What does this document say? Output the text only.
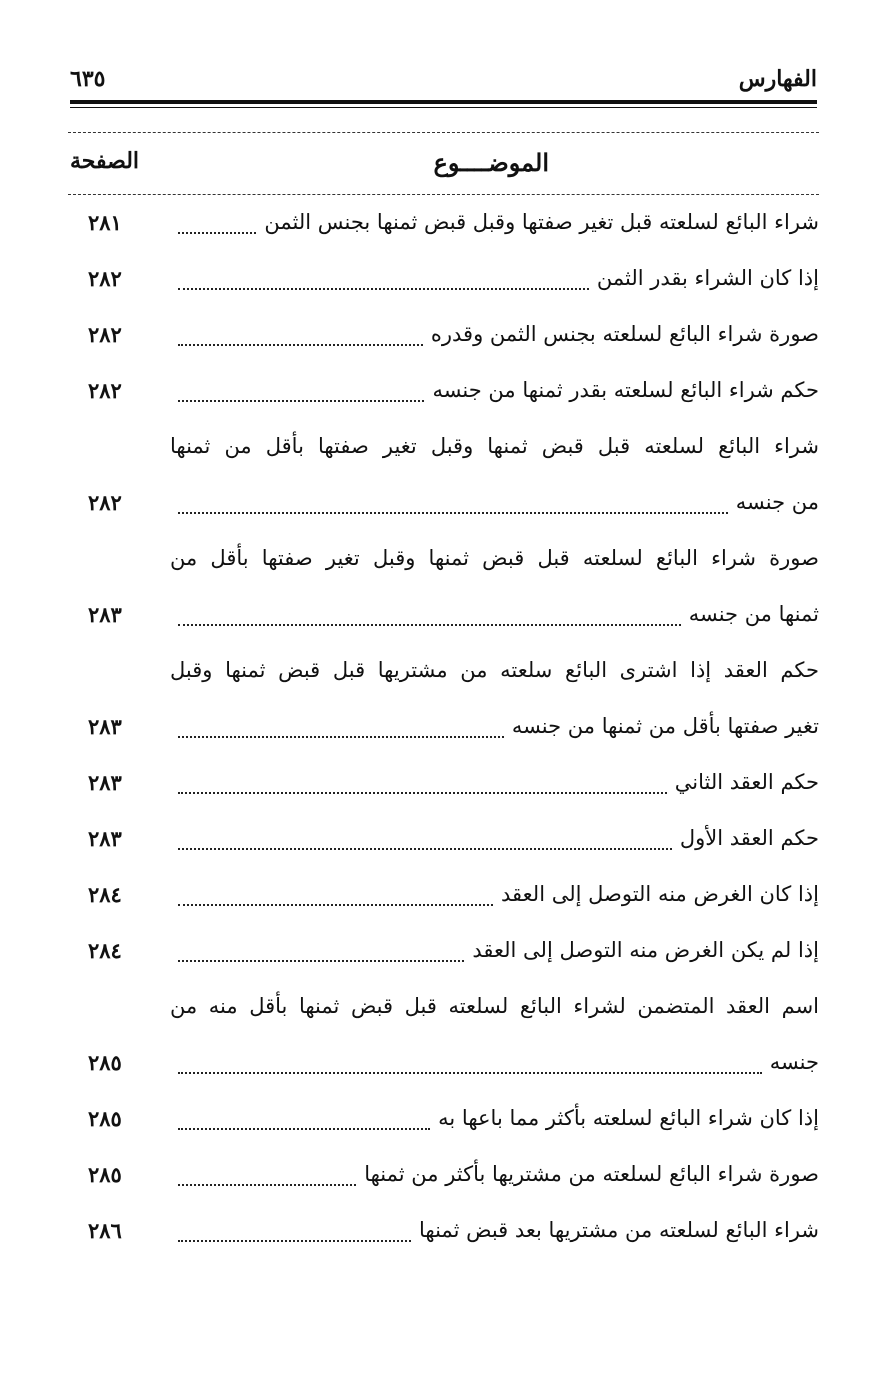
الفهارس
٦٣٥
الموضــــوع
الصفحة
شراء البائع لسلعته قبل تغير صفتها وقبل قبض ثمنها بجنس الثمن
٢٨١
إذا كان الشراء بقدر الثمن
٢٨٢
صورة شراء البائع لسلعته بجنس الثمن وقدره
٢٨٢
حكم شراء البائع لسلعته بقدر ثمنها من جنسه
٢٨٢
شراء البائع لسلعته قبل قبض ثمنها وقبل تغير صفتها بأقل من ثمنها
من جنسه
٢٨٢
صورة شراء البائع لسلعته قبل قبض ثمنها وقبل تغير صفتها بأقل من
ثمنها من جنسه
٢٨٣
حكم العقد إذا اشترى البائع سلعته من مشتريها قبل قبض ثمنها وقبل
تغير صفتها بأقل من ثمنها من جنسه
٢٨٣
حكم العقد الثاني
٢٨٣
حكم العقد الأول
٢٨٣
إذا كان الغرض منه التوصل إلى العقد
٢٨٤
إذا لم يكن الغرض منه التوصل إلى العقد
٢٨٤
اسم العقد المتضمن لشراء البائع لسلعته قبل قبض ثمنها بأقل منه من
جنسه
٢٨٥
إذا كان شراء البائع لسلعته بأكثر مما باعها به
٢٨٥
صورة شراء البائع لسلعته من مشتريها بأكثر من ثمنها
٢٨٥
شراء البائع لسلعته من مشتريها بعد قبض ثمنها
٢٨٦
